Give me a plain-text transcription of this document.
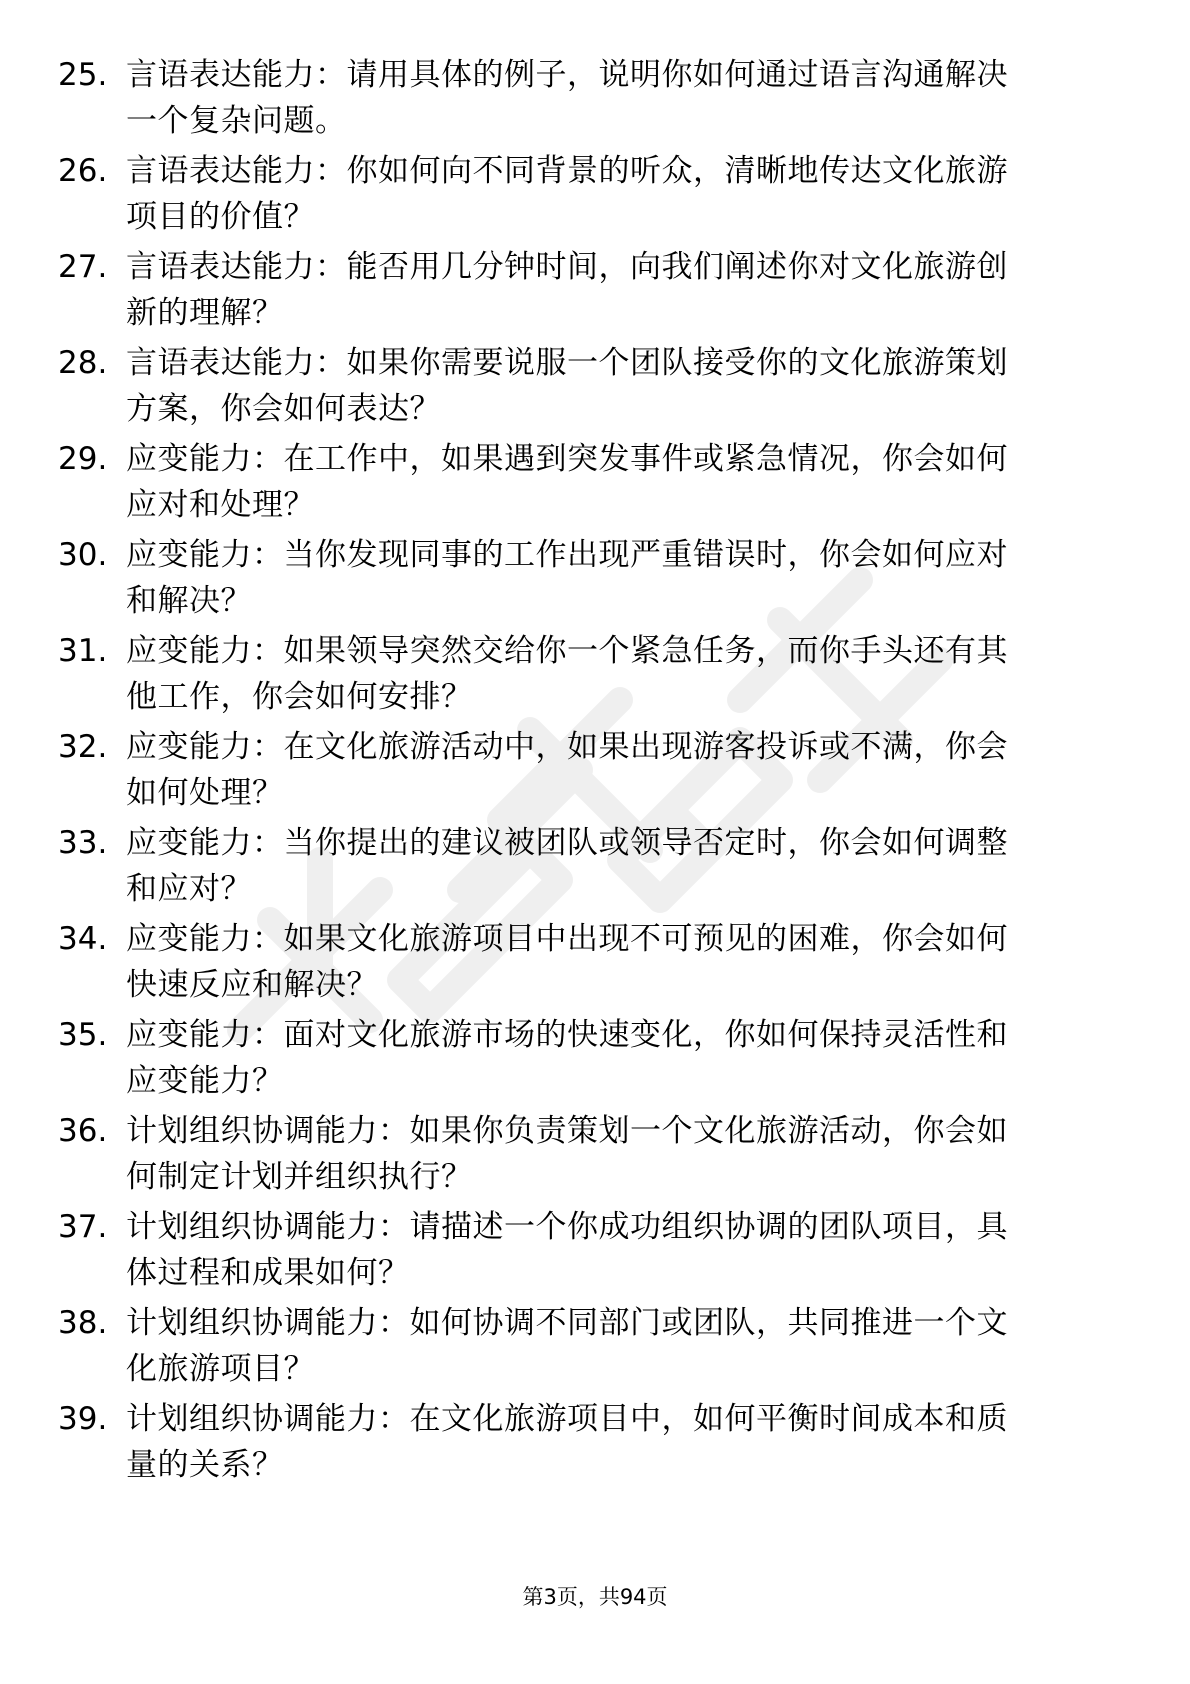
25. 言语表达能力：请用具体的例子，说明你如何通过语言沟通解决
一个复杂问题。
26. 言语表达能力：你如何向不同背景的听众，清晰地传达文化旅游
项目的价值？
27. 言语表达能力：能否用几分钟时间，向我们阐述你对文化旅游创
新的理解？
28. 言语表达能力：如果你需要说服一个团队接受你的文化旅游策划
方案，你会如何表达？
29. 应变能力：在工作中，如果遇到突发事件或紧急情况，你会如何
应对和处理？
30. 应变能力：当你发现同事的工作出现严重错误时，你会如何应对
和解决？
31. 应变能力：如果领导突然交给你一个紧急任务，而你手头还有其
他工作，你会如何安排？
32. 应变能力：在文化旅游活动中，如果出现游客投诉或不满，你会
如何处理？
33. 应变能力：当你提出的建议被团队或领导否定时，你会如何调整
和应对？
34. 应变能力：如果文化旅游项目中出现不可预见的困难，你会如何
快速反应和解决？
35. 应变能力：面对文化旅游市场的快速变化，你如何保持灵活性和
应变能力？
36. 计划组织协调能力：如果你负责策划一个文化旅游活动，你会如
何制定计划并组织执行？
37. 计划组织协调能力：请描述一个你成功组织协调的团队项目，具
体过程和成果如何？
38. 计划组织协调能力：如何协调不同部门或团队，共同推进一个文
化旅游项目？
39. 计划组织协调能力：在文化旅游项目中，如何平衡时间成本和质
量的关系？
第3页，共94页
